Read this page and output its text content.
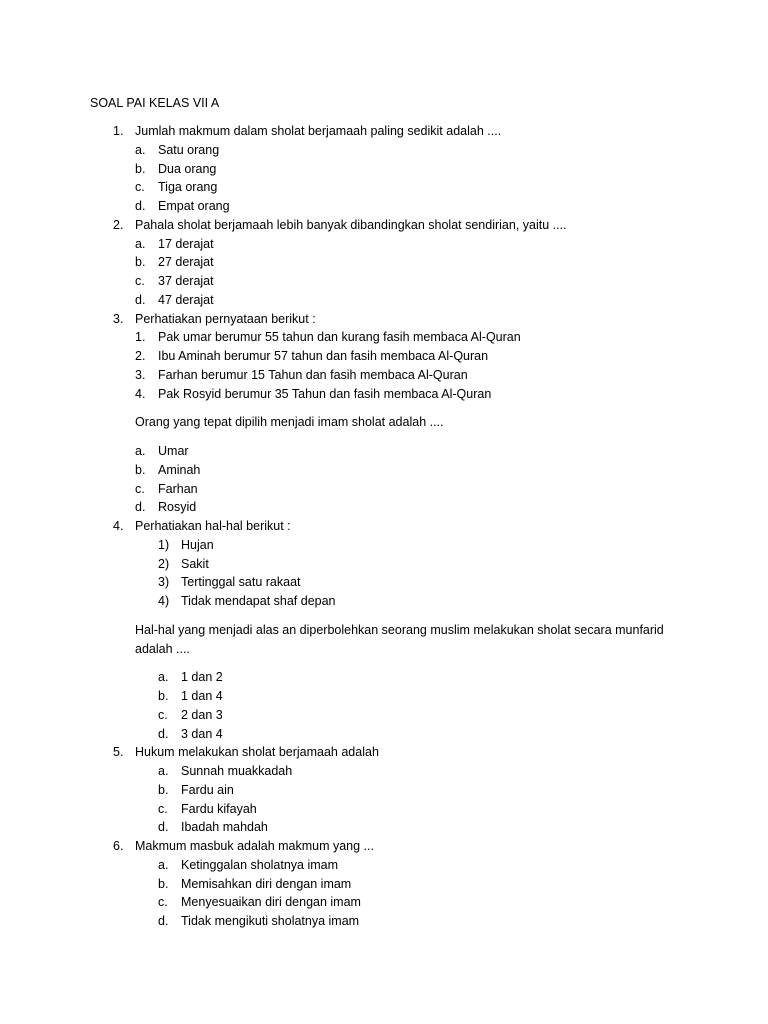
SOAL PAI KELAS VII A
1. Jumlah makmum dalam sholat berjamaah paling sedikit adalah ....
a. Satu orang
b. Dua orang
c. Tiga orang
d. Empat orang
2. Pahala sholat berjamaah lebih banyak dibandingkan sholat sendirian, yaitu ....
a. 17 derajat
b. 27 derajat
c. 37 derajat
d. 47 derajat
3. Perhatiakan pernyataan berikut :
1. Pak umar berumur 55 tahun dan kurang fasih membaca Al-Quran
2. Ibu Aminah berumur 57 tahun dan fasih membaca Al-Quran
3. Farhan berumur 15 Tahun dan fasih membaca Al-Quran
4. Pak Rosyid berumur 35 Tahun dan fasih membaca Al-Quran
Orang yang tepat dipilih menjadi imam sholat adalah ....
a. Umar
b. Aminah
c. Farhan
d. Rosyid
4. Perhatiakan hal-hal berikut :
1) Hujan
2) Sakit
3) Tertinggal satu rakaat
4) Tidak mendapat shaf depan
Hal-hal yang menjadi alas an diperbolehkan seorang muslim melakukan sholat secara munfarid adalah ....
a. 1 dan 2
b. 1 dan 4
c. 2 dan 3
d. 3 dan 4
5. Hukum melakukan sholat berjamaah adalah
a. Sunnah muakkadah
b. Fardu ain
c. Fardu kifayah
d. Ibadah mahdah
6. Makmum masbuk adalah makmum yang ...
a. Ketinggalan sholatnya imam
b. Memisahkan diri dengan imam
c. Menyesuaikan diri dengan imam
d. Tidak mengikuti sholatnya imam
